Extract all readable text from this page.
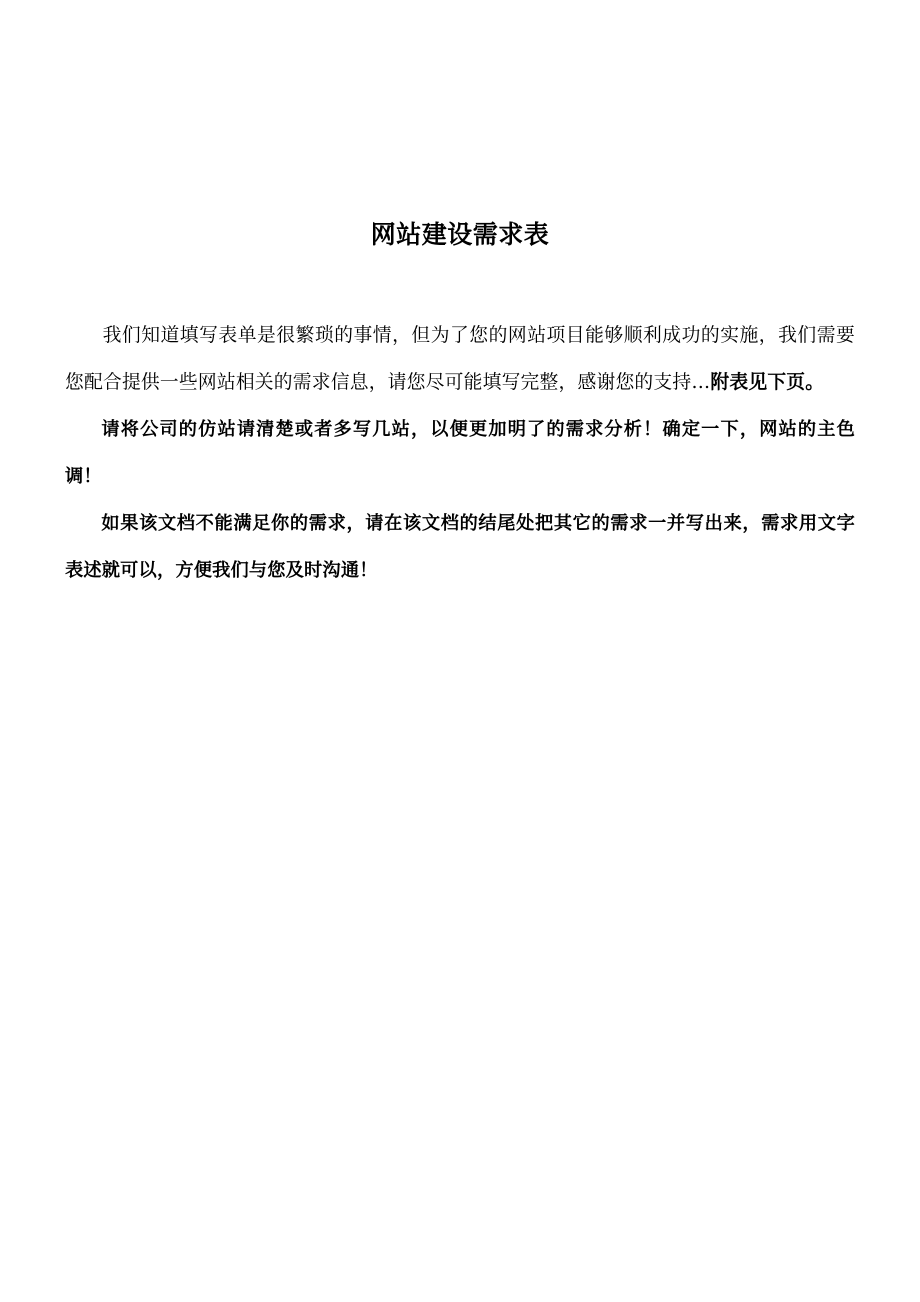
网站建设需求表

我们知道填写表单是很繁琐的事情，但为了您的网站项目能够顺利成功的实施，我们需要您配合提供一些网站相关的需求信息，请您尽可能填写完整，感谢您的支持…附表见下页。

请将公司的仿站请清楚或者多写几站，以便更加明了的需求分析！确定一下，网站的主色调！

如果该文档不能满足你的需求，请在该文档的结尾处把其它的需求一并写出来，需求用文字表述就可以，方便我们与您及时沟通！
